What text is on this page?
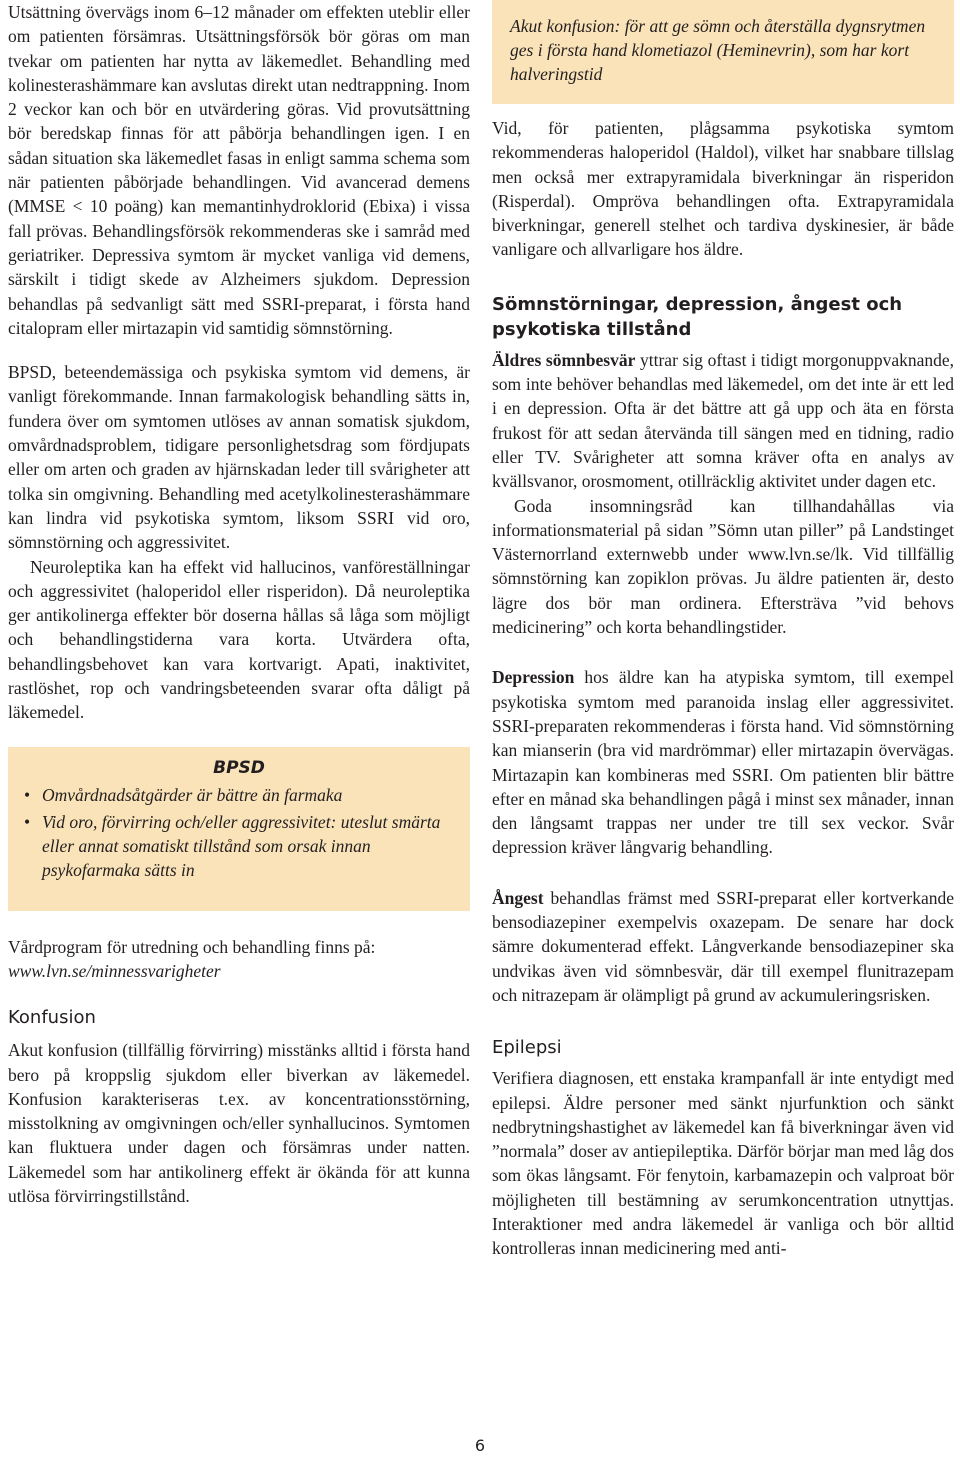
Utsättning övervägs inom 6–12 månader om effekten uteblir eller om patienten försämras. Utsättningsförsök bör göras om man tvekar om patienten har nytta av läkemedlet. Behandling med kolinesterashämmare kan avslutas direkt utan nedtrappning. Inom 2 veckor kan och bör en utvärdering göras. Vid provutsättning bör beredskap finnas för att påbörja behandlingen igen. I en sådan situation ska läkemedlet fasas in enligt samma schema som när patienten påbörjade behandlingen. Vid avancerad demens (MMSE < 10 poäng) kan memantinhydroklorid (Ebixa) i vissa fall prövas. Behandlingsförsök rekommenderas ske i samråd med geriatriker. Depressiva symtom är mycket vanliga vid demens, särskilt i tidigt skede av Alzheimers sjukdom. Depression behandlas på sedvanligt sätt med SSRI-preparat, i första hand citalopram eller mirtazapin vid samtidig sömnstörning.

BPSD, beteendemässiga och psykiska symtom vid demens, är vanligt förekommande. Innan farmakologisk behandling sätts in, fundera över om symtomen utlöses av annan somatisk sjukdom, omvårdnadsproblem, tidigare personlighetsdrag som fördjupats eller om arten och graden av hjärnskadan leder till svårigheter att tolka sin omgivning. Behandling med acetylkolinesterashämmare kan lindra vid psykotiska symtom, liksom SSRI vid oro, sömnstörning och aggressivitet.

Neuroleptika kan ha effekt vid hallucinos, vanföreställningar och aggressivitet (haloperidol eller risperidon). Då neuroleptika ger antikolinerga effekter bör doserna hållas så låga som möjligt och behandlingstiderna vara korta. Utvärdera ofta, behandlingsbehovet kan vara kortvarigt. Apati, inaktivitet, rastlöshet, rop och vandringsbeteenden svarar ofta dåligt på läkemedel.

BPSD
• Omvårdnadsåtgärder är bättre än farmaka
• Vid oro, förvirring och/eller aggressivitet: uteslut smärta eller annat somatiskt tillstånd som orsak innan psykofarmaka sätts in

Vårdprogram för utredning och behandling finns på:

www.lvn.se/minnessvarigheter

Konfusion

Akut konfusion (tillfällig förvirring) misstänks alltid i första hand bero på kroppslig sjukdom eller biverkan av läkemedel. Konfusion karakteriseras t.ex. av koncentrationsstörning, misstolkning av omgivningen och/eller synhallucinos. Symtomen kan fluktuera under dagen och försämras under natten. Läkemedel som har antikolinerg effekt är ökända för att kunna utlösa förvirringstillstånd.

Akut konfusion: för att ge sömn och återställa dygnsrytmen ges i första hand klometiazol (Heminevrin), som har kort halveringstid

Vid, för patienten, plågsamma psykotiska symtom rekommenderas haloperidol (Haldol), vilket har snabbare tillslag men också mer extrapyramidala biverkningar än risperidon (Risperdal). Ompröva behandlingen ofta. Extrapyramidala biverkningar, generell stelhet och tardiva dyskinesier, är både vanligare och allvarligare hos äldre.

Sömnstörningar, depression, ångest och psykotiska tillstånd

Äldres sömnbesvär yttrar sig oftast i tidigt morgonuppvaknande, som inte behöver behandlas med läkemedel, om det inte är ett led i en depression. Ofta är det bättre att gå upp och äta en första frukost för att sedan återvända till sängen med en tidning, radio eller TV. Svårigheter att somna kräver ofta en analys av kvällsvanor, orosmoment, otillräcklig aktivitet under dagen etc.

Goda insomningsråd kan tillhandahållas via informationsmaterial på sidan ”Sömn utan piller” på Landstinget Västernorrland externwebb under www.lvn.se/lk. Vid tillfällig sömnstörning kan zopiklon prövas. Ju äldre patienten är, desto lägre dos bör man ordinera. Eftersträva ”vid behovs medicinering” och korta behandlingstider.

Depression hos äldre kan ha atypiska symtom, till exempel psykotiska symtom med paranoida inslag eller aggressivitet. SSRI-preparaten rekommenderas i första hand. Vid sömnstörning kan mianserin (bra vid mardrömmar) eller mirtazapin övervägas. Mirtazapin kan kombineras med SSRI. Om patienten blir bättre efter en månad ska behandlingen pågå i minst sex månader, innan den långsamt trappas ner under tre till sex veckor. Svår depression kräver långvarig behandling.

Ångest behandlas främst med SSRI-preparat eller kortverkande bensodiazepiner exempelvis oxazepam. De senare har dock sämre dokumenterad effekt. Långverkande bensodiazepiner ska undvikas även vid sömnbesvär, där till exempel flunitrazepam och nitrazepam är olämpligt på grund av ackumuleringsrisken.

Epilepsi

Verifiera diagnosen, ett enstaka krampanfall är inte entydigt med epilepsi. Äldre personer med sänkt njurfunktion och sänkt nedbrytningshastighet av läkemedel kan få biverkningar även vid ”normala” doser av antiepileptika. Därför börjar man med låg dos som ökas långsamt. För fenytoin, karbamazepin och valproat bör möjligheten till bestämning av serumkoncentration utnyttjas. Interaktioner med andra läkemedel är vanliga och bör alltid kontrolleras innan medicinering med anti-

6
